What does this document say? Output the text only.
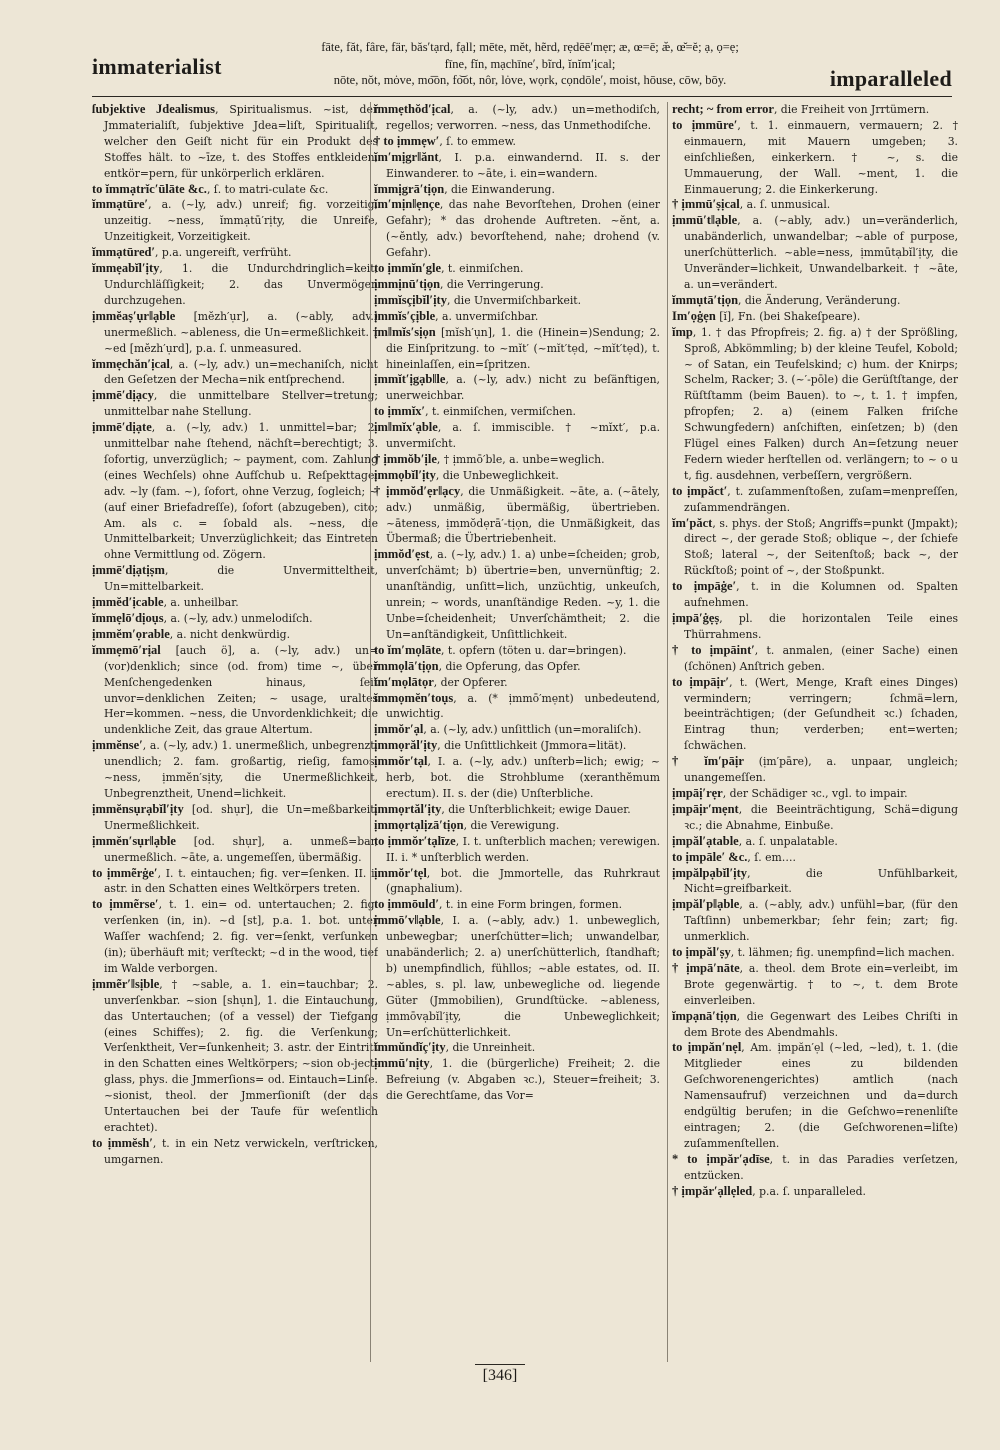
immaterialist
fāte, făt, fâre, fär, băs′tạrd, fạll; mēte, mĕt, hẽrd, rẹdēē′mẹr; æ, œ=ē; æ̆, œ̆=ĕ; ạ, ọ=ẹ;
fīne, fĭn, mạchīne′, bĩrd, ĭnĭm′ịcal;
nōte, nŏt, mȯve, mo͞on, fo͝ot, nôr, lȯve, wọrk, cọndōle′, moist, hōuse, cōw, bōy.	imparalleled

ſubjektive Jdealismus, Spiritualismus. ~ist, der Jmmaterialiſt, ſubjektive Jdea=liſt, Spiritualiſt, welcher den Geiſt nicht für ein Produkt des Stoffes hält. to ~īze, t. des Stoffes entkleiden, entkör=pern, für unkörperlich erklären.

to ĭmmạtrĭc′ūlāte &c., ſ. to matri-culate &c.

ĭmmạtūre′, a. (~ly, adv.) unreif; fig. vorzeitig, unzeitig. ~ness, ĭmmạtū′rịty, die Unreife, Unzeitigkeit, Vorzeitigkeit.

ĭmmạtūred′, p.a. ungereift, verfrüht.

ĭmmẹabĭl′ịty, 1. die Undurchdringlich=keit, Undurchläſſigkeit; 2. das Unvermögen durchzugehen.

ịmmĕaṣ′ụr‖ạble [mĕzh′ụr], a. (~ably, adv.) unermeßlich. ~ableness, die Un=ermeßlichkeit. † ~ed [mĕzh′ụrd], p.a. ſ. unmeasured.

ĭmmẹchăn′ịcal, a. (~ly, adv.) un=mechaniſch, nicht den Geſetzen der Mecha=nik entſprechend.

ịmmē′dịạcy, die unmittelbare Stellver=tretung; unmittelbar nahe Stellung.

ịmmē′dịạte, a. (~ly, adv.) 1. unmittel=bar; 2. unmittelbar nahe ſtehend, nächſt=berechtigt; 3. ſofortig, unverzüglich; ~ payment, com. Zahlung (eines Wechſels) ohne Aufſchub u. Reſpekttage; adv. ~ly (fam. ~), ſofort, ohne Verzug, ſogleich; ~ (auf einer Briefadreſſe), ſofort (abzugeben), cito; Am. als c. = ſobald als. ~ness, die Unmittelbarkeit; Unverzüglichkeit; das Eintreten ohne Vermittlung od. Zögern.

ịmmē′dịạtịṣm, die Unvermitteltheit, Un=mittelbarkeit.

ịmmĕd′ịcable, a. unheilbar.

ĭmmẹlō′dịoụs, a. (~ly, adv.) unmelodiſch.

ịmmĕm′ọrable, a. nicht denkwürdig.

ĭmmẹmō′rịal [auch ö], a. (~ly, adv.) un=(vor)denklich; since (od. from) time ~, über Menſchengedenken hinaus, ſeit unvor=denklichen Zeiten; ~ usage, uraltes Her=kommen. ~ness, die Unvordenklichkeit; die undenkliche Zeit, das graue Altertum.

ịmmĕnse′, a. (~ly, adv.) 1. unermeßlich, unbegrenzt, unendlich; 2. fam. großartig, rieſig, famos. ~ness, ịmmĕn′sịty, die Unermeßlichkeit, Unbegrenztheit, Unend=lichkeit.

ịmmĕnsụrạbĭl′ịty [od. shụr], die Un=meßbarkeit, Unermeßlichkeit.

ịmmĕn′sụr‖ạble [od. shụr], a. unmeß=bar, unermeßlich. ~āte, a. ungemeſſen, übermäßig.

to ịmmẽrġe′, I. t. eintauchen; fig. ver=ſenken. II. i. astr. in den Schatten eines Weltkörpers treten.

to ịmmẽrse′, t. 1. ein= od. untertauchen; 2. fig. verſenken (in, in). ~d [st], p.a. 1. bot. unter Waſſer wachſend; 2. fig. ver=ſenkt, verſunken (in); überhäuft mit; verſteckt; ~d in the wood, tief im Walde verborgen.

ịmmẽr′‖sịble, † ~sable, a. 1. ein=tauchbar; 2. unverſenkbar. ~sion [shụn], 1. die Eintauchung, das Untertauchen; (of a vessel) der Tiefgang (eines Schiffes); 2. fig. die Verſenkung; Verſenktheit, Ver=ſunkenheit; 3. astr. der Eintritt in den Schatten eines Weltkörpers; ~sion ob-ject-glass, phys. die Jmmerſions= od. Eintauch=Linſe. ~sionist, theol. der Jmmerſioniſt (der das Untertauchen bei der Taufe für weſentlich erachtet).

to ịmmĕsh′, t. in ein Netz verwickeln, verſtricken, umgarnen.

ĭmmẹthŏd′ịcal, a. (~ly, adv.) un=methodiſch, regellos; verworren. ~ness, das Unmethodiſche.

† to ịmmẹw′, ſ. to emmew.

ĭm′mịgr‖ănt, I. p.a. einwandernd. II. s. der Einwanderer. to ~āte, i. ein=wandern.

ĭmmịgrā′tịọn, die Einwanderung.

ĭm′mịn‖ẹnçe, das nahe Bevorſtehen, Drohen (einer Gefahr); * das drohende Auftreten. ~ĕnt, a. (~ĕntly, adv.) bevorſtehend, nahe; drohend (v. Gefahr).

to ịmmĭn′gle, t. einmiſchen.

ịmmịnū′tịọn, die Verringerung.

ịmmĭsçịbĭl′ịty, die Unvermiſchbarkeit.

ịmmĭs′çịble, a. unvermiſchbar.

ịm‖mĭs′sịọn [mĭsh′ụn], 1. die (Hinein=)Sendung; 2. die Einſpritzung. to ~mĭt′ (~mĭt′tẹd, ~mĭt′tẹd), t. hineinlaſſen, ein=ſpritzen.

ịmmĭt′ịgạb‖le, a. (~ly, adv.) nicht zu beſänftigen, unerweichbar.

to ịmmĭx′, t. einmiſchen, vermiſchen.

ịm‖mĭx′ạble, a. ſ. immiscible. † ~mĭxt′, p.a. unvermiſcht.

† ịmmŏb′ịle, † ịmmō′ble, a. unbe=weglich.

ịmmọbĭl′ịty, die Unbeweglichkeit.

† ịmmŏd′ẹr‖ạcy, die Unmäßigkeit. ~āte, a. (~ātely, adv.) unmäßig, übermäßig, übertrieben. ~āteness, ịmmŏdẹrā′-tịọn, die Unmäßigkeit, das Übermaß; die Übertriebenheit.

ịmmŏd′ẹst, a. (~ly, adv.) 1. a) unbe=ſcheiden; grob, unverſchämt; b) übertrie=ben, unvernünftig; 2. unanſtändig, unſitt=lich, unzüchtig, unkeuſch, unrein; ~ words, unanſtändige Reden. ~y, 1. die Unbe=ſcheidenheit; Unverſchämtheit; 2. die Un=anſtändigkeit, Unſittlichkeit.

to ĭm′mọlāte, t. opfern (töten u. dar=bringen).

ĭmmọlā′tịọn, die Opferung, das Opfer.

ĭm′mọlātọr, der Opferer.

ĭmmọmĕn′toụs, a. (* ịmmō′mẹnt) unbedeutend, unwichtig.

ịmmŏr′ạl, a. (~ly, adv.) unſittlich (un=moraliſch).

ịmmọrăl′ịty, die Unſittlichkeit (Jmmora=lität).

ịmmŏr′tạl, I. a. (~ly, adv.) unſterb=lich; ewig; ~ herb, bot. die Strohblume (xeranthĕmum erectum). II. s. der (die) Unſterbliche.

ịmmọrtăl′ịty, die Unſterblichkeit; ewige Dauer.

ịmmọrtạlịzā′tịọn, die Verewigung.

to ịmmŏr′tạlīze, I. t. unſterblich machen; verewigen. II. i. * unſterblich werden.

ịmmŏr′tẹl, bot. die Jmmortelle, das Ruhrkraut (gnaphalium).

to ịmmōuld′, t. in eine Form bringen, formen.

ịmmō′v‖ạble, I. a. (~ably, adv.) 1. unbeweglich, unbewegbar; unerſchütter=lich; unwandelbar, unabänderlich; 2. a) unerſchütterlich, ſtandhaft; b) unempfindlich, fühllos; ~able estates, od. II. ~ables, s. pl. law, unbewegliche od. liegende Güter (Jmmobilien), Grundſtücke. ~ableness, ịmmōvạbĭl′ịty, die Unbeweglichkeit; Un=erſchütterlichkeit.

ĭmmŭndĭç′ịty, die Unreinheit.

ịmmū′nịty, 1. die (bürgerliche) Freiheit; 2. die Befreiung (v. Abgaben ꝛc.), Steuer=freiheit; 3. die Gerechtſame, das Vor=

recht; ~ from error, die Freiheit von Jrrtümern.

to ịmmūre′, t. 1. einmauern, vermauern; 2. † einmauern, mit Mauern umgeben; 3. einſchließen, einkerkern. † ~, s. die Ummauerung, der Wall. ~ment, 1. die Einmauerung; 2. die Einkerkerung.

† ịmmū′ṣịcal, a. ſ. unmusical.

ịmmū′t‖ạble, a. (~ably, adv.) un=veränderlich, unabänderlich, unwandelbar; ~able of purpose, unerſchütterlich. ~able=ness, ịmmūtạbĭl′ịty, die Unveränder=lichkeit, Unwandelbarkeit. † ~āte, a. un=verändert.

ĭmmụtā′tịọn, die Änderung, Veränderung.

Im′ọġẹn [ĭ], Fn. (bei Shakeſpeare).

ĭmp, 1. † das Pfropfreis; 2. fig. a) † der Sprößling, Sproß, Abkömmling; b) der kleine Teufel, Kobold; ~ of Satan, ein Teufelskind; c) hum. der Knirps; Schelm, Racker; 3. (~′-pōle) die Gerüſtſtange, der Rüſtſtamm (beim Bauen). to ~, t. 1. † impfen, pfropfen; 2. a) (einem Falken friſche Schwungfedern) anſchiften, einſetzen; b) (den Flügel eines Falken) durch An=ſetzung neuer Federn wieder herſtellen od. verlängern; to ~ o u t, fig. ausdehnen, verbeſſern, vergrößern.

to ịmpăct′, t. zuſammenſtoßen, zuſam=menpreſſen, zuſammendrängen.

ĭm′păct, s. phys. der Stoß; Angriffs=punkt (Jmpakt); direct ~, der gerade Stoß; oblique ~, der ſchiefe Stoß; lateral ~, der Seitenſtoß; back ~, der Rückſtoß; point of ~, der Stoßpunkt.

to ịmpāġe′, t. in die Kolumnen od. Spalten aufnehmen.

ịmpā′ġẹṣ, pl. die horizontalen Teile eines Thürrahmens.

† to ịmpāint′, t. anmalen, (einer Sache) einen (ſchönen) Anſtrich geben.

to ịmpāịr′, t. (Wert, Menge, Kraft eines Dinges) vermindern; verringern; ſchmä=lern, beeinträchtigen; (der Geſundheit ꝛc.) ſchaden, Eintrag thun; verderben; ent=werten; ſchwächen.

† ĭm′pāịr (ịm′pāre), a. unpaar, ungleich; unangemeſſen.

ịmpāị′rẹr, der Schädiger ꝛc., vgl. to impair.

ịmpāịr′mẹnt, die Beeinträchtigung, Schä=digung ꝛc.; die Abnahme, Einbuße.

ịmpăl′ạtable, a. ſ. unpalatable.

to ịmpāle′ &c., ſ. em….

ịmpălpạbĭl′ịty, die Unfühlbarkeit, Nicht=greifbarkeit.

ịmpăl′p‖ạble, a. (~ably, adv.) unfühl=bar, (für den Taſtſinn) unbemerkbar; ſehr fein; zart; fig. unmerklich.

to ịmpăl′ṣy, t. lähmen; fig. unempfind=lich machen.

† ịmpā′nāte, a. theol. dem Brote ein=verleibt, im Brote gegenwärtig. † to ~, t. dem Brote einverleiben.

ĭmpạnā′tịọn, die Gegenwart des Leibes Chriſti in dem Brote des Abendmahls.

to ịmpăn′nẹl, Am. ịmpăn′ẹl (~led, ~led), t. 1. (die Mitglieder eines zu bildenden Geſchworenengerichtes) amtlich (nach Namensaufruf) verzeichnen und da=durch endgültig berufen; in die Geſchwo=renenliſte eintragen; 2. (die Geſchworenen=liſte) zuſammenſtellen.

* to ịmpăr′ạdīse, t. in das Paradies verſetzen, entzücken.

† ịmpăr′ạllẹled, p.a. ſ. unparalleled.

[346]
